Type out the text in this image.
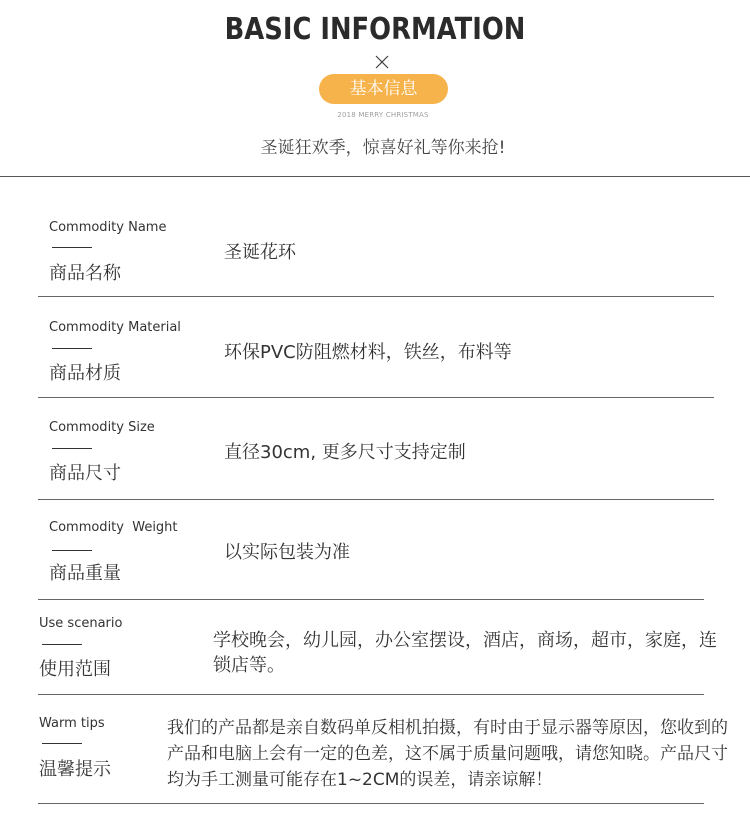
BASIC INFORMATION
基本信息
2018 MERRY CHRISTMAS
圣诞狂欢季，惊喜好礼等你来抢!
Commodity Name
商品名称
圣诞花环
Commodity Material
商品材质
环保PVC防阻燃材料，铁丝，布料等
Commodity Size
商品尺寸
直径30cm, 更多尺寸支持定制
Commodity  Weight
商品重量
以实际包装为准
Use scenario
使用范围
学校晚会，幼儿园，办公室摆设，酒店，商场，超市，家庭，连锁店等。
Warm tips
温馨提示
我们的产品都是亲自数码单反相机拍摄，有时由于显示器等原因，您收到的产品和电脑上会有一定的色差，这不属于质量问题哦，请您知晓。产品尺寸均为手工测量可能存在1~2CM的误差，请亲谅解！
